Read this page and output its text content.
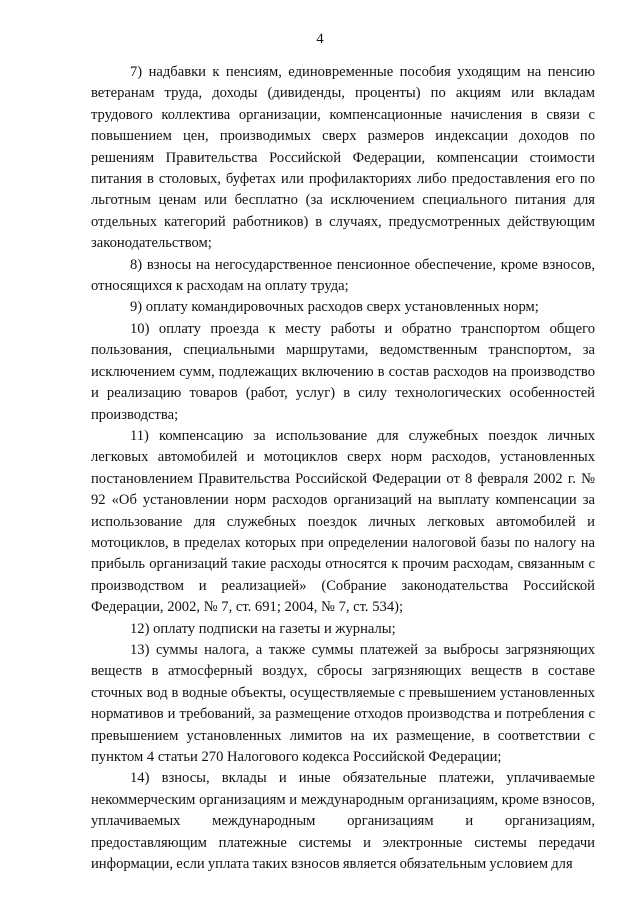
4

7) надбавки к пенсиям, единовременные пособия уходящим на пенсию ветеранам труда, доходы (дивиденды, проценты) по акциям или вкладам трудового коллектива организации, компенсационные начисления в связи с повышением цен, производимых сверх размеров индексации доходов по решениям Правительства Российской Федерации, компенсации стоимости питания в столовых, буфетах или профилакториях либо предоставления его по льготным ценам или бесплатно (за исключением специального питания для отдельных категорий работников) в случаях, предусмотренных действующим законодательством;

8) взносы на негосударственное пенсионное обеспечение, кроме взносов, относящихся к расходам на оплату труда;

9) оплату командировочных расходов сверх установленных норм;

10) оплату проезда к месту работы и обратно транспортом общего пользования, специальными маршрутами, ведомственным транспортом, за исключением сумм, подлежащих включению в состав расходов на производство и реализацию товаров (работ, услуг) в силу технологических особенностей производства;

11) компенсацию за использование для служебных поездок личных легковых автомобилей и мотоциклов сверх норм расходов, установленных постановлением Правительства Российской Федерации от 8 февраля 2002 г. № 92 «Об установлении норм расходов организаций на выплату компенсации за использование для служебных поездок личных легковых автомобилей и мотоциклов, в пределах которых при определении налоговой базы по налогу на прибыль организаций такие расходы относятся к прочим расходам, связанным с производством и реализацией» (Собрание законодательства Российской Федерации, 2002, № 7, ст. 691; 2004, № 7, ст. 534);

12) оплату подписки на газеты и журналы;

13) суммы налога, а также суммы платежей за выбросы загрязняющих веществ в атмосферный воздух, сбросы загрязняющих веществ в составе сточных вод в водные объекты, осуществляемые с превышением установленных нормативов и требований, за размещение отходов производства и потребления с превышением установленных лимитов на их размещение, в соответствии с пунктом 4 статьи 270 Налогового кодекса Российской Федерации;

14) взносы, вклады и иные обязательные платежи, уплачиваемые некоммерческим организациям и международным организациям, кроме взносов, уплачиваемых международным организациям и организациям, предоставляющим платежные системы и электронные системы передачи информации, если уплата таких взносов является обязательным условием для
